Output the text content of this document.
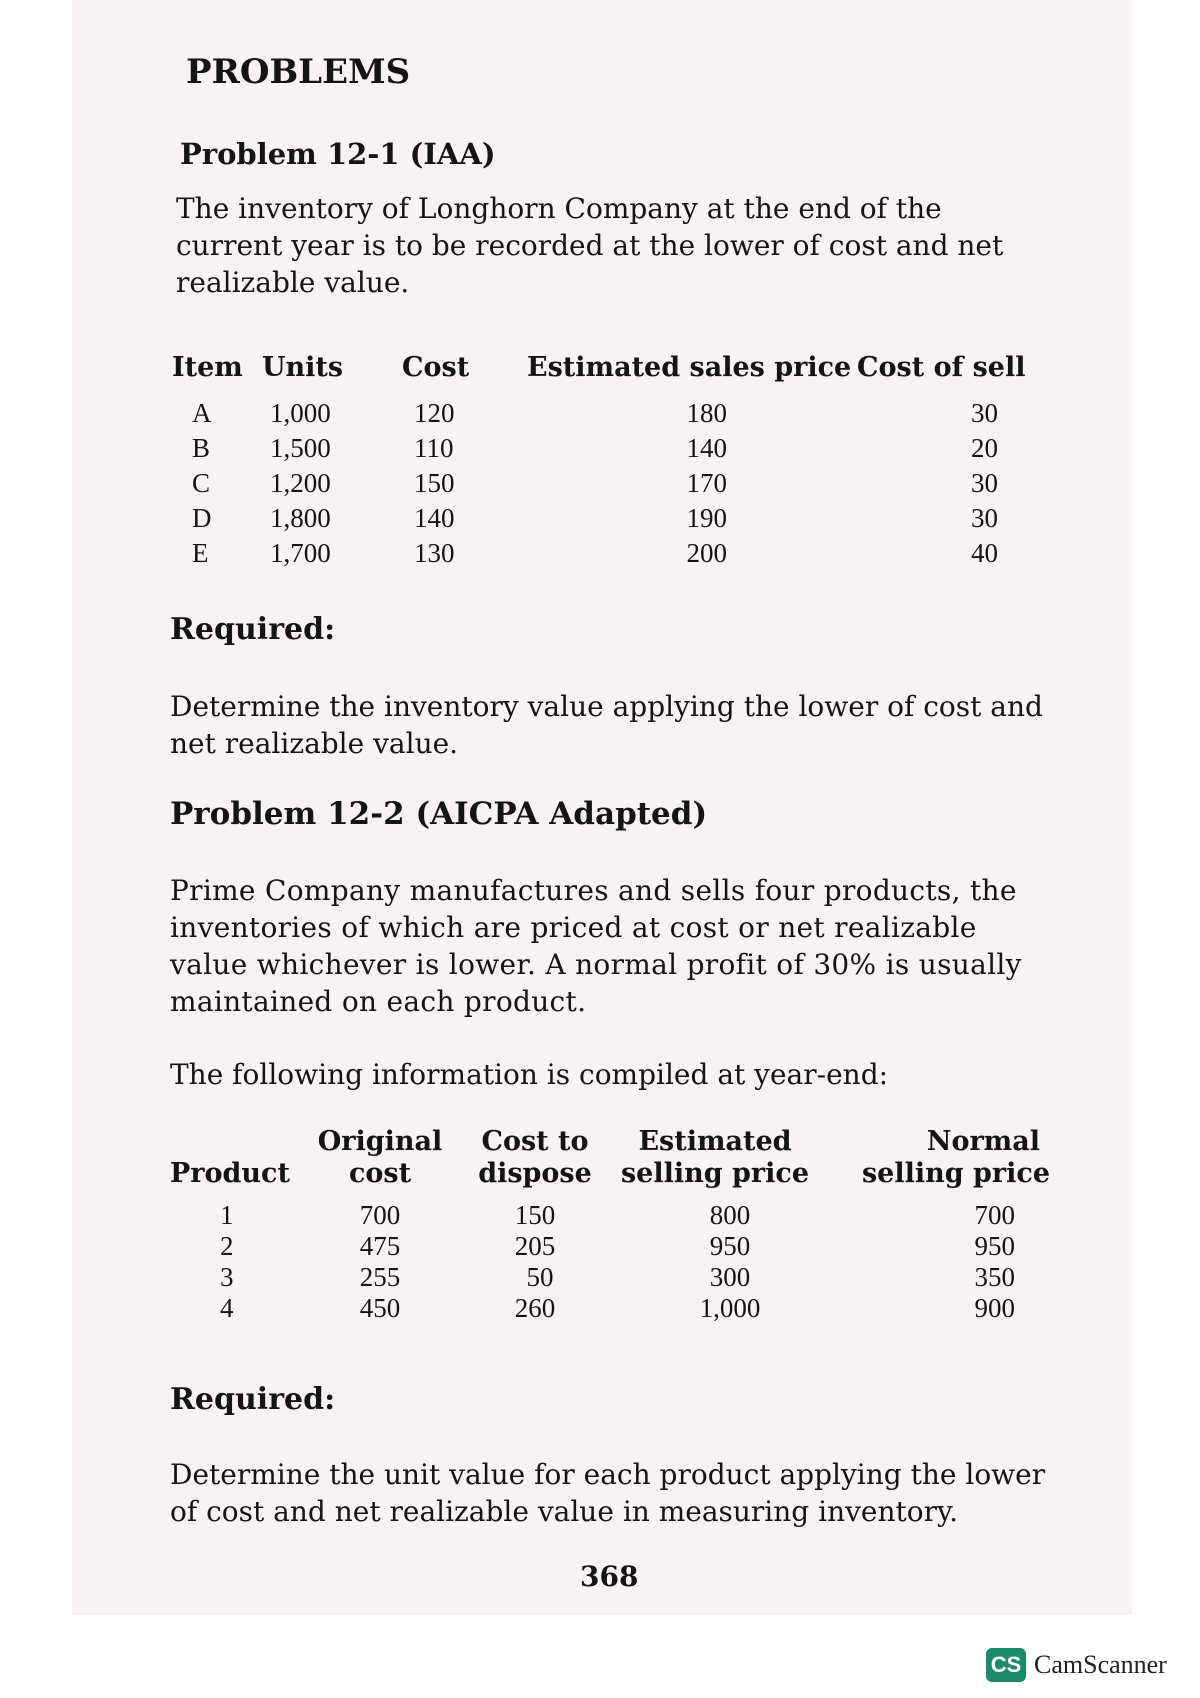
PROBLEMS
Problem 12-1 (IAA)
The inventory of Longhorn Company at the end of the current year is to be recorded at the lower of cost and net realizable value.
Item	Units	Cost	Estimated sales price	Cost of sell

A	1,000	120	180	30
B	1,500	110	140	20
C	1,200	150	170	30
D	1,800	140	190	30
E	1,700	130	200	40
Required:
Determine the inventory value applying the lower of cost and net realizable value.
Problem 12-2 (AICPA Adapted)
Prime Company manufactures and sells four products, the inventories of which are priced at cost or net realizable value whichever is lower. A normal profit of 30% is usually maintained on each product.
The following information is compiled at year-end:
	Original	Cost to	Estimated	Normal
Product	cost	dispose	selling price	selling price

1	700	150	800	700
2	475	205	950	950
3	255	50	300	350
4	450	260	1,000	900
Required:
Determine the unit value for each product applying the lower of cost and net realizable value in measuring inventory.
368
CS CamScanner
